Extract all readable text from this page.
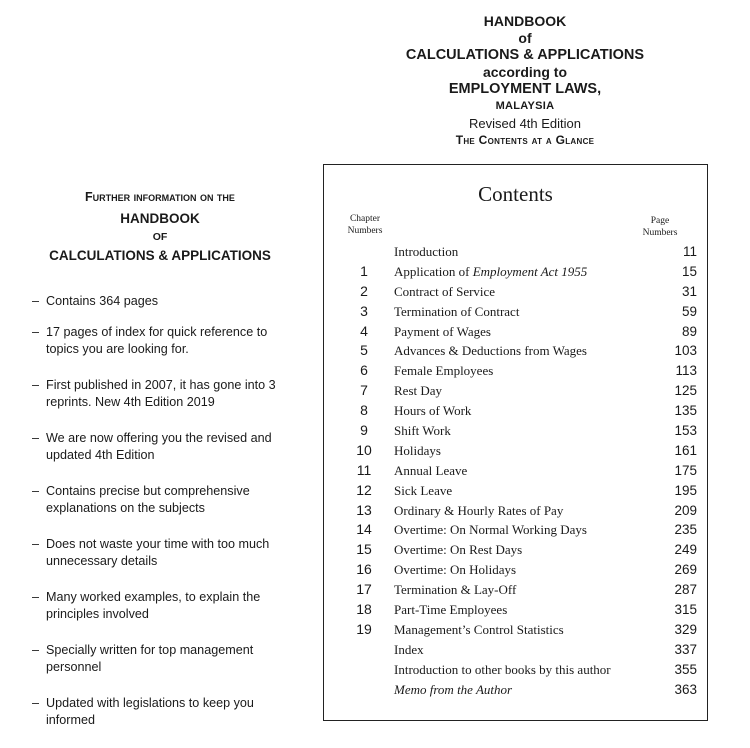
HANDBOOK
of
CALCULATIONS & APPLICATIONS
according to
EMPLOYMENT LAWS,
MALAYSIA
Revised 4th Edition
The Contents at a Glance
Further information on the
HANDBOOK
OF
CALCULATIONS & APPLICATIONS
– Contains 364 pages
– 17 pages of index for quick reference to topics you are looking for.
– First published in 2007, it has gone into 3 reprints. New 4th Edition 2019
– We are now offering you the revised and updated 4th Edition
– Contains precise but comprehensive explanations on the subjects
– Does not waste your time with too much unnecessary details
– Many worked examples, to explain the principles involved
– Specially written for top management personnel
– Updated with legislations to keep you informed
Contents
Chapter
Numbers
Page
Numbers
Introduction	11
1	Application of Employment Act 1955	15
2	Contract of Service	31
3	Termination of Contract	59
4	Payment of Wages	89
5	Advances & Deductions from Wages	103
6	Female Employees	113
7	Rest Day	125
8	Hours of Work	135
9	Shift Work	153
10	Holidays	161
11	Annual Leave	175
12	Sick Leave	195
13	Ordinary & Hourly Rates of Pay	209
14	Overtime: On Normal Working Days	235
15	Overtime: On Rest Days	249
16	Overtime: On Holidays	269
17	Termination & Lay-Off	287
18	Part-Time Employees	315
19	Management’s Control Statistics	329
Index	337
Introduction to other books by this author	355
Memo from the Author	363
